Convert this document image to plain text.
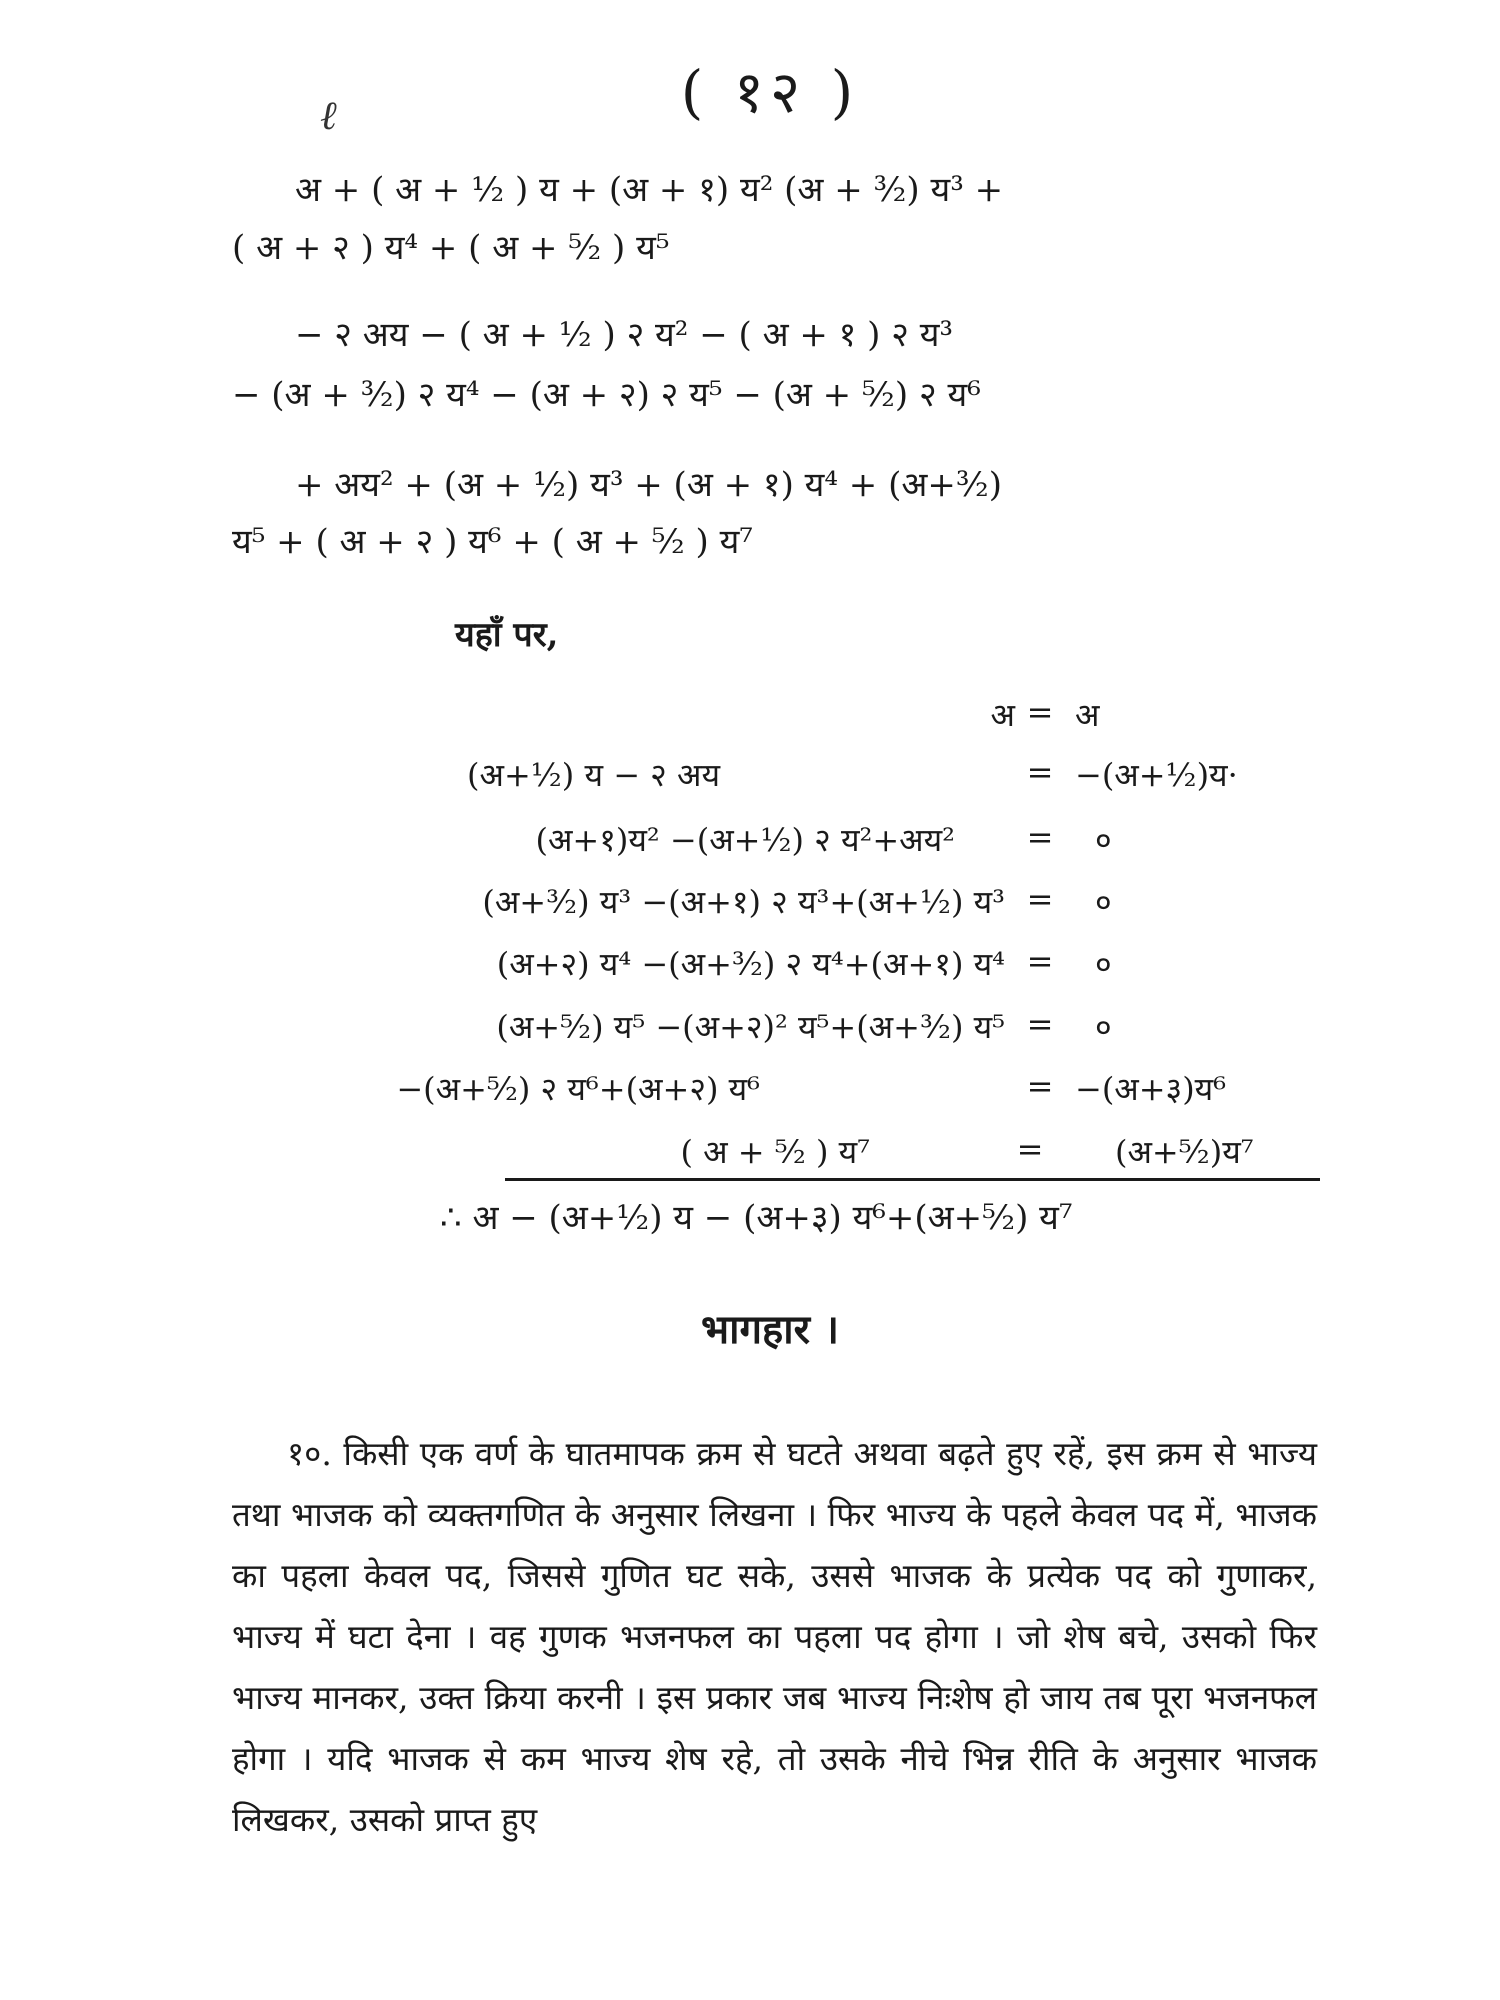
( १२ )
ℓ
अ + ( अ + ½ ) य + (अ + १) य² (अ + ³⁄₂) य³ +
( अ + २ ) य⁴ + ( अ + ⁵⁄₂ ) य⁵
− २ अय − ( अ + ½ ) २ य² − ( अ + १ ) २ य³
− (अ + ³⁄₂) २ य⁴ − (अ + २) २ य⁵ − (अ + ⁵⁄₂) २ य⁶
+ अय² + (अ + ½) य³ + (अ + १) य⁴ + (अ+³⁄₂)
य⁵ + ( अ + २ ) य⁶ + ( अ + ⁵⁄₂ ) य⁷
यहाँ पर,
अ = अ
(अ+½) य − २ अय	= −(अ+½)य·
(अ+१)य² −(अ+½) २ य²+अय² = ०
(अ+³⁄₂) य³ −(अ+१) २ य³+(अ+½) य³ = ०
(अ+२) य⁴ −(अ+³⁄₂) २ य⁴+(अ+१) य⁴ = ०
(अ+⁵⁄₂) य⁵ −(अ+२)² य⁵+(अ+³⁄₂) य⁵ = ०
−(अ+⁵⁄₂) २ य⁶+(अ+२) य⁶	= −(अ+३)य⁶
( अ + ⁵⁄₂ ) य⁷	= (अ+⁵⁄₂)य⁷
∴ अ − (अ+½) य − (अ+३) य⁶+(अ+⁵⁄₂) य⁷
भागहार ।

१०. किसी एक वर्ण के घातमापक क्रम से घटते अथवा बढ़ते हुए रहें, इस क्रम से भाज्य तथा भाजक को व्यक्तगणित के अनुसार लिखना । फिर भाज्य के पहले केवल पद में, भाजक का पहला केवल पद, जिससे गुणित घट सके, उससे भाजक के प्रत्येक पद को गुणाकर, भाज्य में घटा देना । वह गुणक भजनफल का पहला पद होगा । जो शेष बचे, उसको फिर भाज्य मानकर, उक्त क्रिया करनी । इस प्रकार जब भाज्य निःशेष हो जाय तब पूरा भजनफल होगा । यदि भाजक से कम भाज्य शेष रहे, तो उसके नीचे भिन्न रीति के अनुसार भाजक लिखकर, उसको प्राप्त हुए
